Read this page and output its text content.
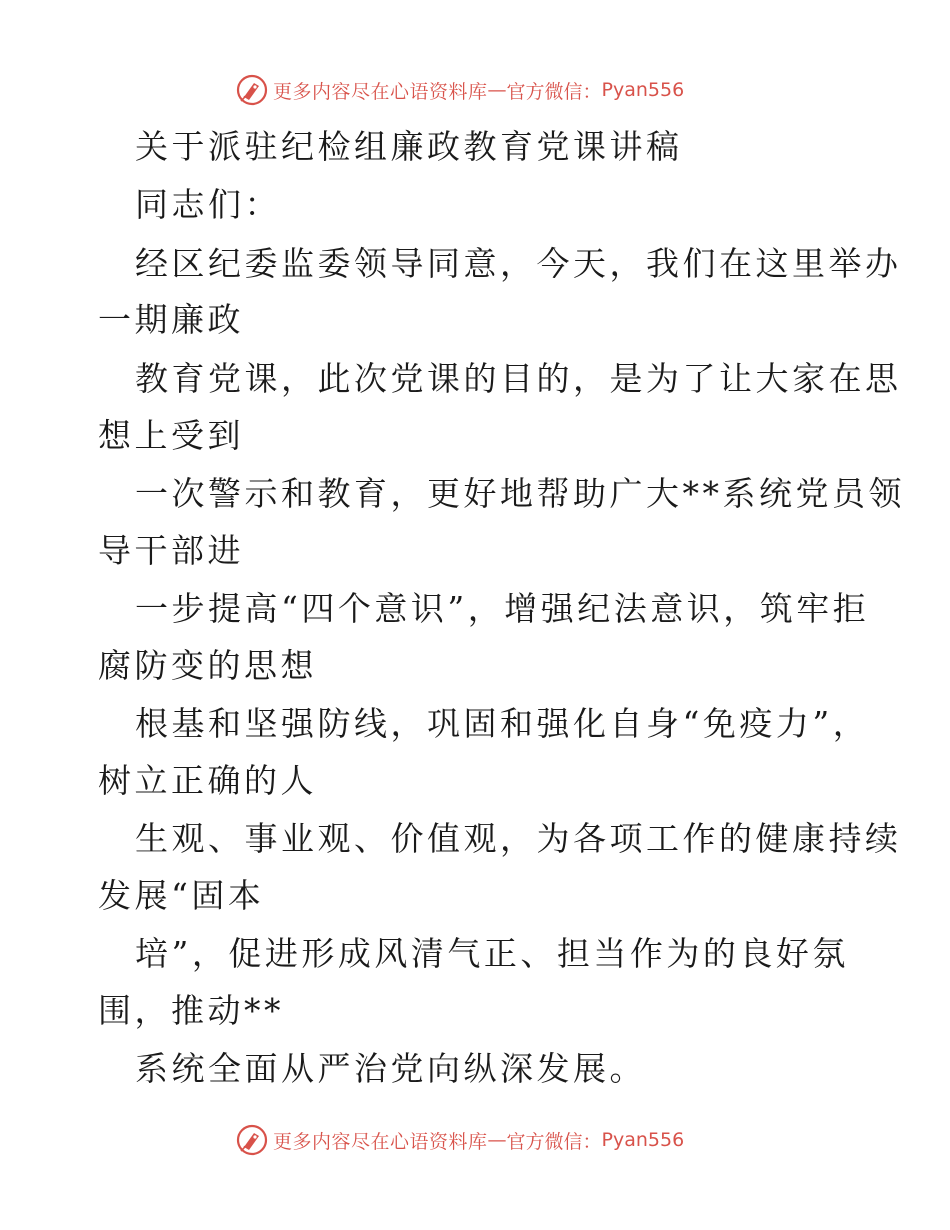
更多内容尽在心语资料库 — 官方微信： Pyan556
关于派驻纪检组廉政教育党课讲稿
同志们：
经区纪委监委领导同意，今天，我们在这里举办
一期廉政
教育党课，此次党课的目的，是为了让大家在思
想上受到
一次警示和教育，更好地帮助广大**系统党员领
导干部进
一步提高“四个意识”，增强纪法意识，筑牢拒
腐防变的思想
根基和坚强防线，巩固和强化自身“免疫力”，
树立正确的人
生观、事业观、价值观，为各项工作的健康持续
发展“固本
培”，促进形成风清气正、担当作为的良好氛
围，推动**
系统全面从严治党向纵深发展。
更多内容尽在心语资料库 — 官方微信： Pyan556
